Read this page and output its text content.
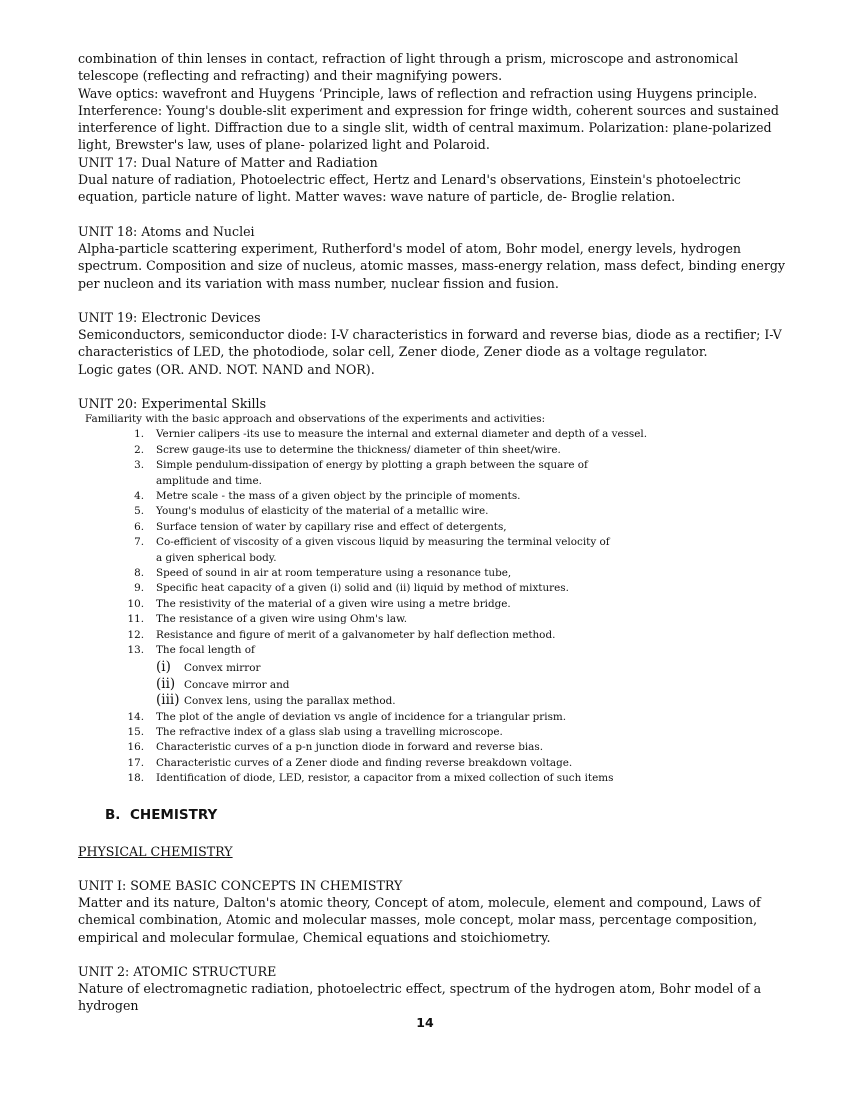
combination of thin lenses in contact, refraction of light through a prism, microscope and astronomical telescope (reflecting and refracting) and their magnifying powers.

Wave optics: wavefront and Huygens ‘Principle, laws of reflection and refraction using Huygens principle.

Interference: Young's double-slit experiment and expression for fringe width, coherent sources and sustained interference of light. Diffraction due to a single slit, width of central maximum. Polarization: plane-polarized light, Brewster's law, uses of plane- polarized light and Polaroid.

UNIT 17: Dual Nature of Matter and Radiation

Dual nature of radiation, Photoelectric effect, Hertz and Lenard's observations, Einstein's photoelectric equation, particle nature of light. Matter waves: wave nature of particle, de- Broglie relation.

UNIT 18: Atoms and Nuclei

Alpha-particle scattering experiment, Rutherford's model of atom, Bohr model, energy levels, hydrogen spectrum. Composition and size of nucleus, atomic masses, mass-energy relation, mass defect, binding energy per nucleon and its variation with mass number, nuclear fission and fusion.

UNIT 19: Electronic Devices

Semiconductors, semiconductor diode: I-V characteristics in forward and reverse bias, diode as a rectifier; I-V characteristics of LED, the photodiode, solar cell, Zener diode, Zener diode as a voltage regulator.

Logic gates (OR. AND. NOT. NAND and NOR).

UNIT 20: Experimental Skills

Familiarity with the basic approach and observations of the experiments and activities:

1. Vernier calipers -its use to measure the internal and external diameter and depth of a vessel.
2. Screw gauge-its use to determine the thickness/ diameter of thin sheet/wire.
3. Simple pendulum-dissipation of energy by plotting a graph between the square of
amplitude and time.
4. Metre scale - the mass of a given object by the principle of moments.
5. Young's modulus of elasticity of the material of a metallic wire.
6. Surface tension of water by capillary rise and effect of detergents,
7. Co-efficient of viscosity of a given viscous liquid by measuring the terminal velocity of
a given spherical body.
8. Speed of sound in air at room temperature using a resonance tube,
9. Specific heat capacity of a given (i) solid and (ii) liquid by method of mixtures.
10. The resistivity of the material of a given wire using a metre bridge.
11. The resistance of a given wire using Ohm's law.
12. Resistance and figure of merit of a galvanometer by half deflection method.
13. The focal length of
(i) Convex mirror
(ii) Concave mirror and
(iii) Convex lens, using the parallax method.
14. The plot of the angle of deviation vs angle of incidence for a triangular prism.
15. The refractive index of a glass slab using a travelling microscope.
16. Characteristic curves of a p-n junction diode in forward and reverse bias.
17. Characteristic curves of a Zener diode and finding reverse breakdown voltage.
18. Identification of diode, LED, resistor, a capacitor from a mixed collection of such items
B. CHEMISTRY

PHYSICAL CHEMISTRY

UNIT I: SOME BASIC CONCEPTS IN CHEMISTRY

Matter and its nature, Dalton's atomic theory, Concept of atom, molecule, element and compound, Laws of chemical combination, Atomic and molecular masses, mole concept, molar mass, percentage composition, empirical and molecular formulae, Chemical equations and stoichiometry.

UNIT 2: ATOMIC STRUCTURE

Nature of electromagnetic radiation, photoelectric effect, spectrum of the hydrogen atom, Bohr model of a hydrogen

14
